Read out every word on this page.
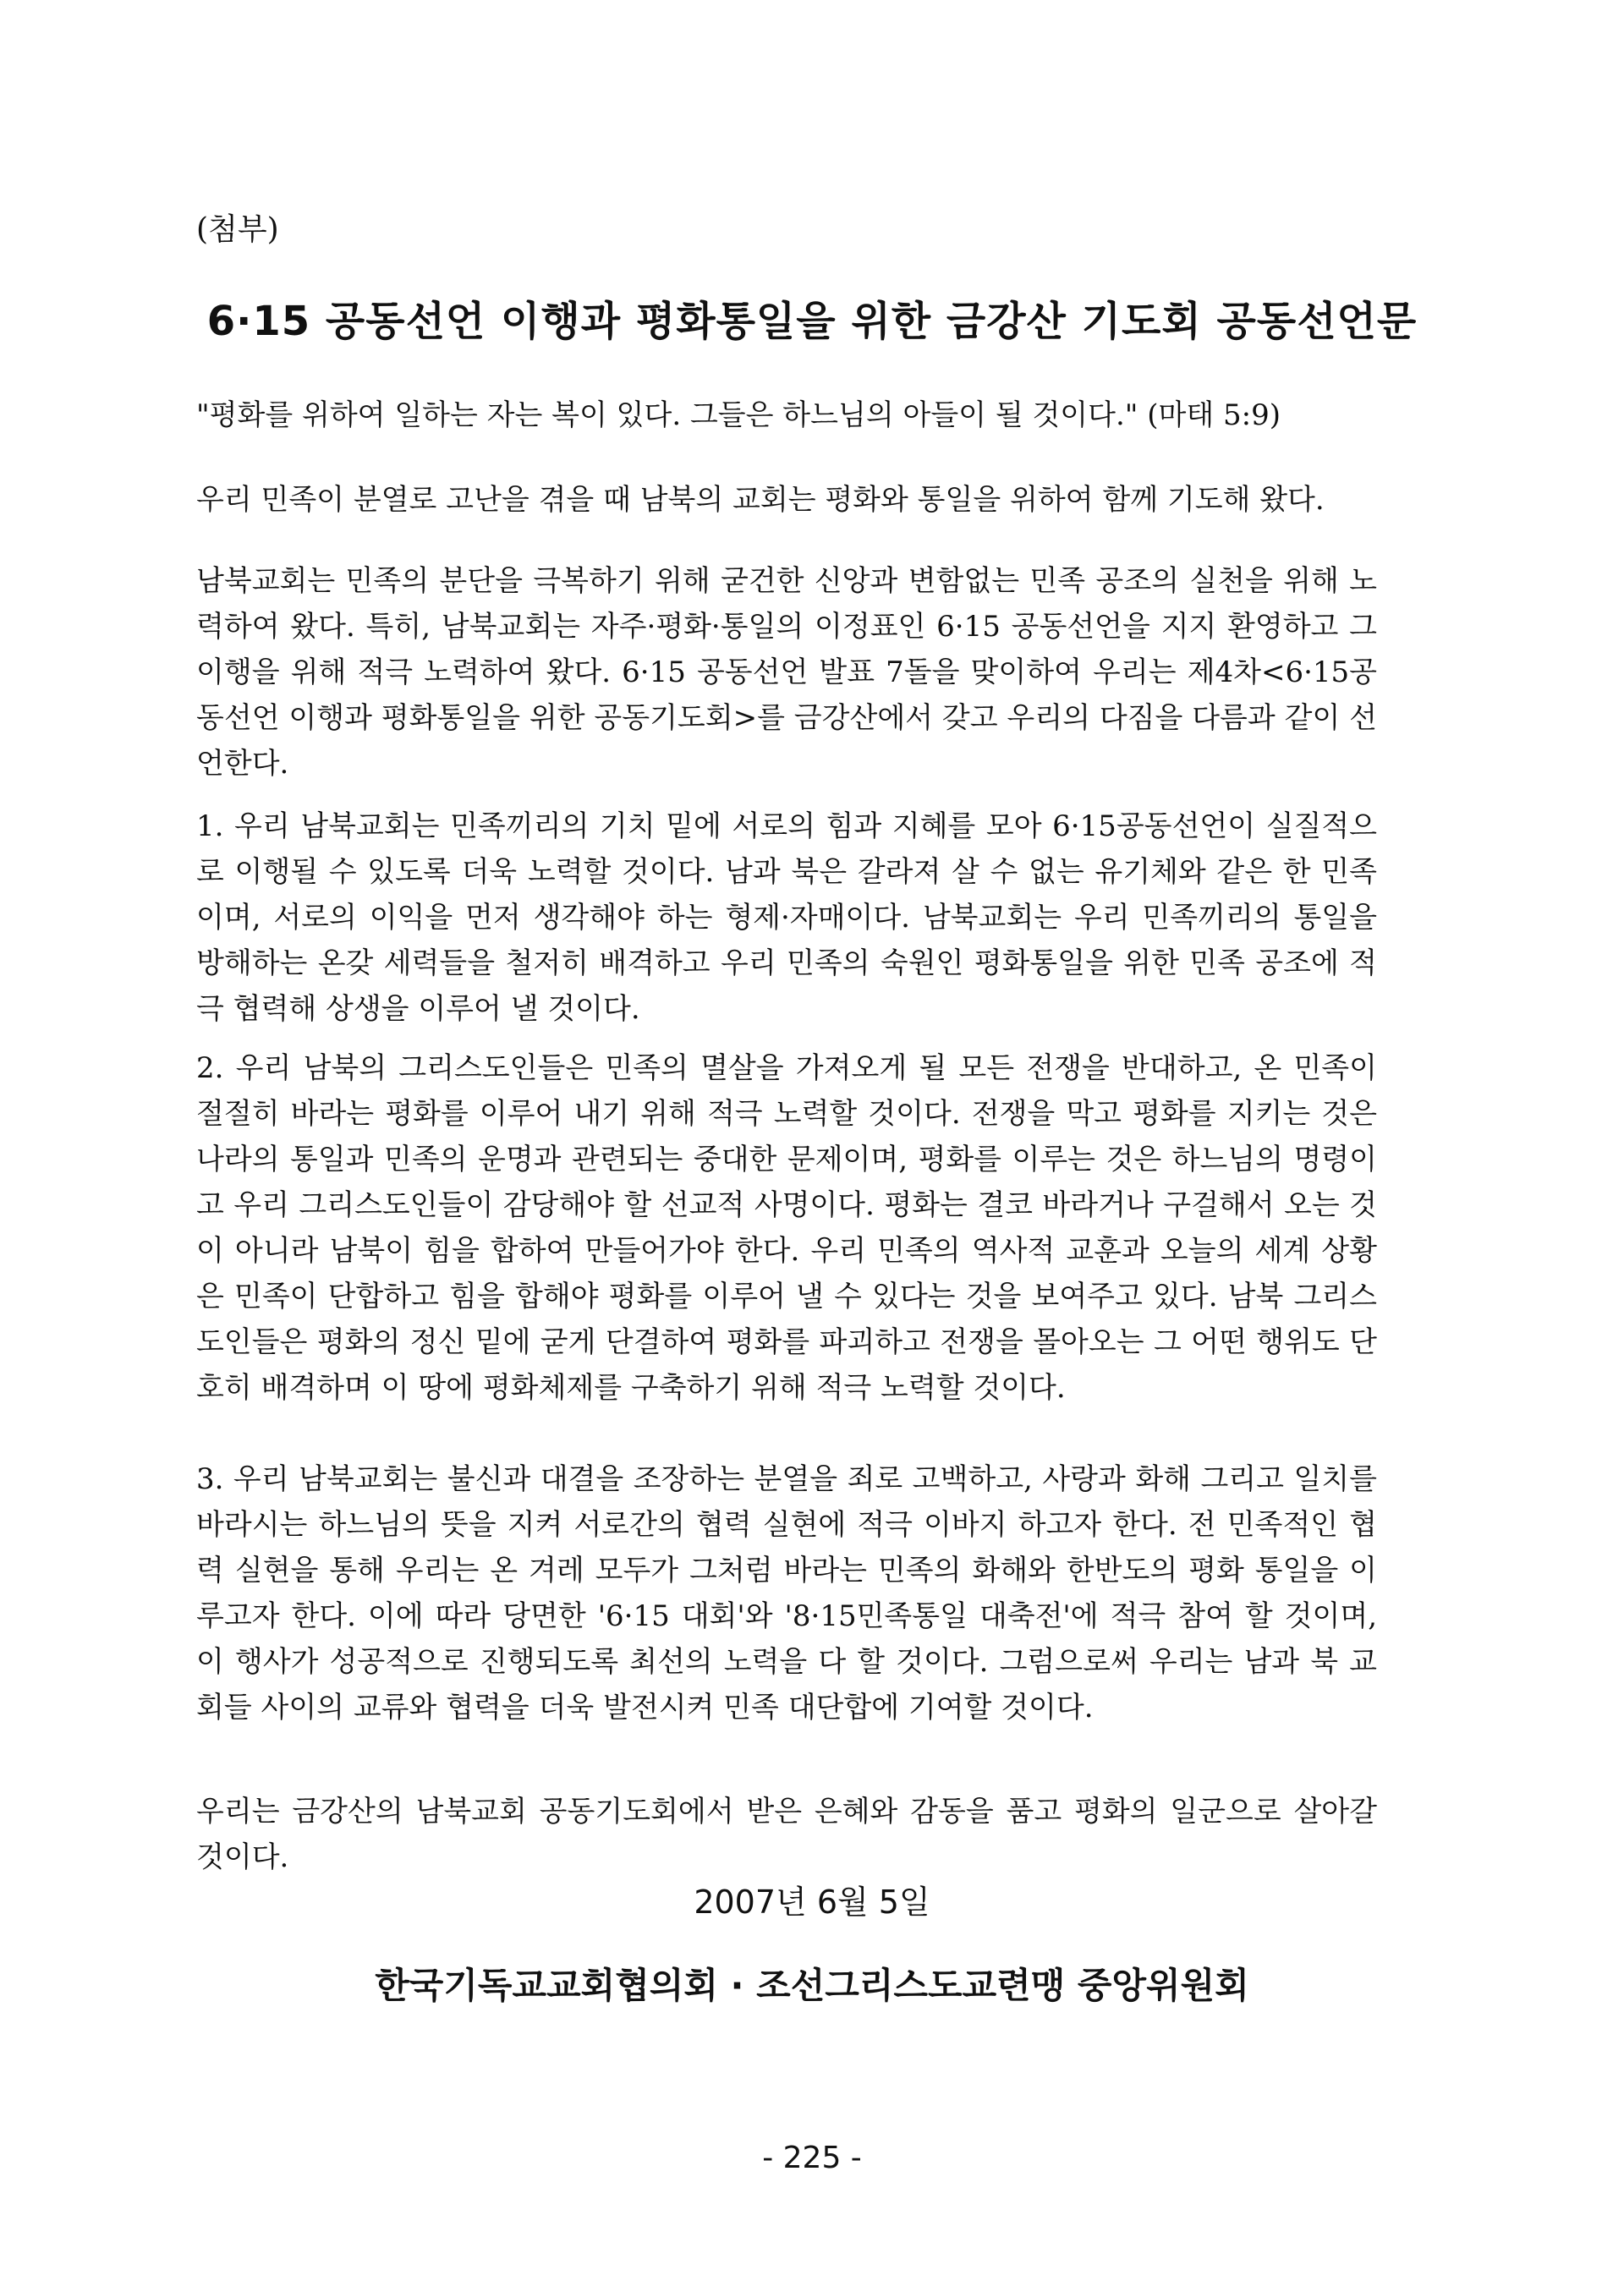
(첨부)
6·15 공동선언 이행과 평화통일을 위한 금강산 기도회 공동선언문

"평화를 위하여 일하는 자는 복이 있다. 그들은 하느님의 아들이 될 것이다." (마태 5:9)

우리 민족이 분열로 고난을 겪을 때 남북의 교회는 평화와 통일을 위하여 함께 기도해 왔다.

남북교회는 민족의 분단을 극복하기 위해 굳건한 신앙과 변함없는 민족 공조의 실천을 위해 노력하여 왔다. 특히, 남북교회는 자주·평화·통일의 이정표인 6·15 공동선언을 지지 환영하고 그 이행을 위해 적극 노력하여 왔다. 6·15 공동선언 발표 7돌을 맞이하여 우리는 제4차<6·15공동선언 이행과 평화통일을 위한 공동기도회>를 금강산에서 갖고 우리의 다짐을 다름과 같이 선언한다.

1. 우리 남북교회는 민족끼리의 기치 밑에 서로의 힘과 지혜를 모아 6·15공동선언이 실질적으로 이행될 수 있도록 더욱 노력할 것이다. 남과 북은 갈라져 살 수 없는 유기체와 같은 한 민족이며, 서로의 이익을 먼저 생각해야 하는 형제·자매이다. 남북교회는 우리 민족끼리의 통일을 방해하는 온갖 세력들을 철저히 배격하고 우리 민족의 숙원인 평화통일을 위한 민족 공조에 적극 협력해 상생을 이루어 낼 것이다.

2. 우리 남북의 그리스도인들은 민족의 멸살을 가져오게 될 모든 전쟁을 반대하고, 온 민족이 절절히 바라는 평화를 이루어 내기 위해 적극 노력할 것이다. 전쟁을 막고 평화를 지키는 것은 나라의 통일과 민족의 운명과 관련되는 중대한 문제이며, 평화를 이루는 것은 하느님의 명령이고 우리 그리스도인들이 감당해야 할 선교적 사명이다. 평화는 결코 바라거나 구걸해서 오는 것이 아니라 남북이 힘을 합하여 만들어가야 한다. 우리 민족의 역사적 교훈과 오늘의 세계 상황은 민족이 단합하고 힘을 합해야 평화를 이루어 낼 수 있다는 것을 보여주고 있다. 남북 그리스도인들은 평화의 정신 밑에 굳게 단결하여 평화를 파괴하고 전쟁을 몰아오는 그 어떤 행위도 단호히 배격하며 이 땅에 평화체제를 구축하기 위해 적극 노력할 것이다.

3. 우리 남북교회는 불신과 대결을 조장하는 분열을 죄로 고백하고, 사랑과 화해 그리고 일치를 바라시는 하느님의 뜻을 지켜 서로간의 협력 실현에 적극 이바지 하고자 한다. 전 민족적인 협력 실현을 통해 우리는 온 겨레 모두가 그처럼 바라는 민족의 화해와 한반도의 평화 통일을 이루고자 한다. 이에 따라 당면한 '6·15 대회'와 '8·15민족통일 대축전'에 적극 참여 할 것이며, 이 행사가 성공적으로 진행되도록 최선의 노력을 다 할 것이다. 그럼으로써 우리는 남과 북 교회들 사이의 교류와 협력을 더욱 발전시켜 민족 대단합에 기여할 것이다.

우리는 금강산의 남북교회 공동기도회에서 받은 은혜와 감동을 품고 평화의 일군으로 살아갈 것이다.

2007년 6월 5일
한국기독교교회협의회 · 조선그리스도교련맹 중앙위원회
- 225 -
